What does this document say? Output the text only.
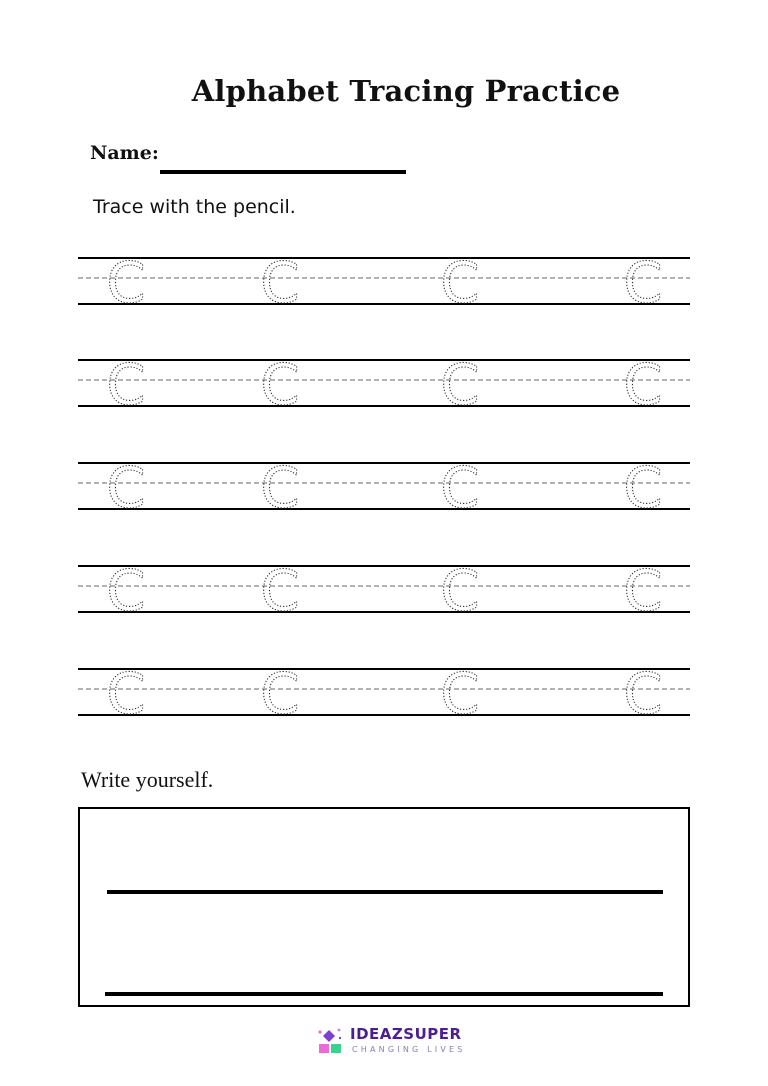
Alphabet Tracing Practice
Name:
Trace with the pencil.
C C	C	C
C C	C	C
C C	C	C
C C	C	C
C C	C	C
Write yourself.
IDEAZSUPER
CHANGING LIVES
